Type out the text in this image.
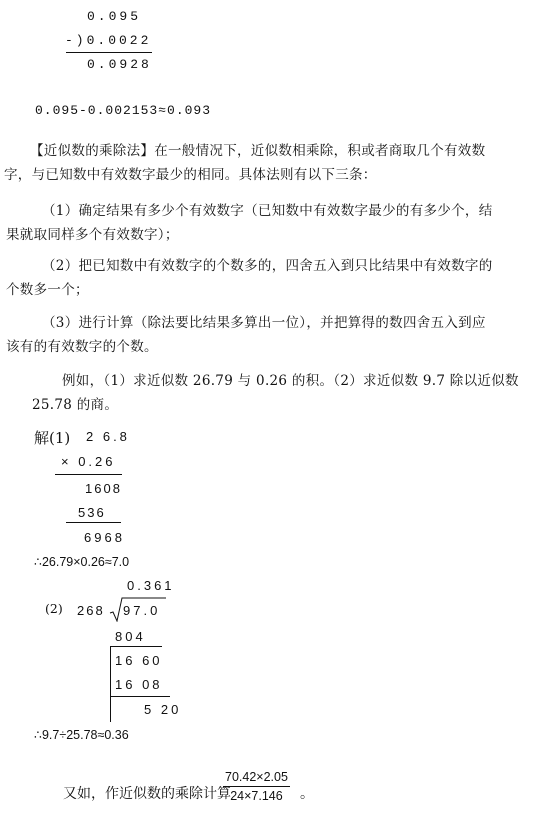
0.095
-)0.0022
0.0928
0.095-0.002153≈0.093
【近似数的乘除法】在一般情况下，近似数相乘除，积或者商取几个有效数
字，与已知数中有效数字最少的相同。具体法则有以下三条：
（1）确定结果有多少个有效数字（已知数中有效数字最少的有多少个，结
果就取同样多个有效数字）；
（2）把已知数中有效数字的个数多的，四舍五入到只比结果中有效数字的
个数多一个；
（3）进行计算（除法要比结果多算出一位），并把算得的数四舍五入到应
该有的有效数字的个数。
例如，（1）求近似数 26.79 与 0.26 的积。（2）求近似数 9.7 除以近似数
25.78 的商。
解(1) 2 6.8
× 0.26
1608
536
6968
∴26.79×0.26≈7.0
0.361
(2) 268 97.0
804
16 60
16 08
5 20
∴9.7÷25.78≈0.36
又如，作近似数的乘除计算
$\frac{70.42\times 2.05}{24\times 7.146}$ 。
